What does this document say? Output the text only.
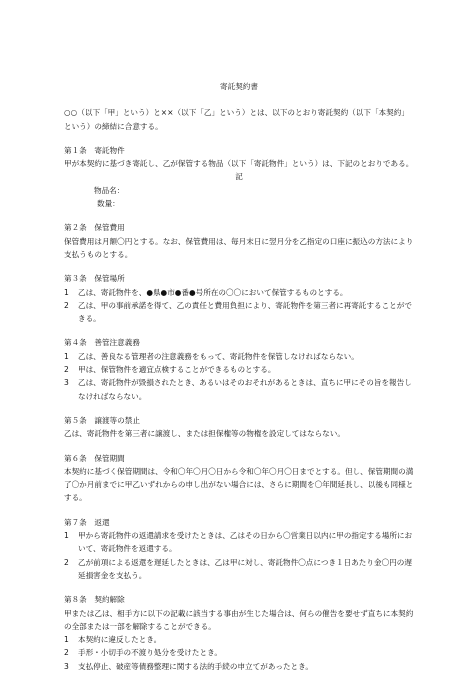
寄託契約書

○○（以下「甲」という）と××（以下「乙」という）とは、以下のとおり寄託契約（以下「本契約」という）の締結に合意する。

第１条　寄託物件

甲が本契約に基づき寄託し、乙が保管する物品（以下「寄託物件」という）は、下記のとおりである。

記

物品名：

数量：

第２条　保管費用

保管費用は月額〇円とする。なお、保管費用は、毎月末日に翌月分を乙指定の口座に振込の方法により支払うものとする。

第３条　保管場所

1	乙は、寄託物件を、●県●市●番●号所在の〇〇において保管するものとする。
2	乙は、甲の事前承諾を得て、乙の責任と費用負担により、寄託物件を第三者に再寄託することができる。

第４条　善管注意義務

1	乙は、善良なる管理者の注意義務をもって、寄託物件を保管しなければならない。
2	甲は、保管物件を適宜点検することができるものとする。
3	乙は、寄託物件が毀損されたとき、あるいはそのおそれがあるときは、直ちに甲にその旨を報告しなければならない。

第５条　譲渡等の禁止

乙は、寄託物件を第三者に譲渡し、または担保権等の物権を設定してはならない。

第６条　保管期間

本契約に基づく保管期間は、令和〇年〇月〇日から令和〇年〇月〇日までとする。但し、保管期間の満了〇か月前までに甲乙いずれからの申し出がない場合には、さらに期間を〇年間延長し、以後も同様とする。

第７条　返還

1	甲から寄託物件の返還請求を受けたときは、乙はその日から〇営業日以内に甲の指定する場所において、寄託物件を返還する。
2	乙が前項による返還を遅延したときは、乙は甲に対し、寄託物件〇点につき１日あたり金〇円の遅延損害金を支払う。

第８条　契約解除

甲または乙は、相手方に以下の記載に該当する事由が生じた場合は、何らの催告を要せず直ちに本契約の全部または一部を解除することができる。

1	本契約に違反したとき。
2	手形・小切手の不渡り処分を受けたとき。
3	支払停止、破産等債務整理に関する法的手続の申立てがあったとき。
